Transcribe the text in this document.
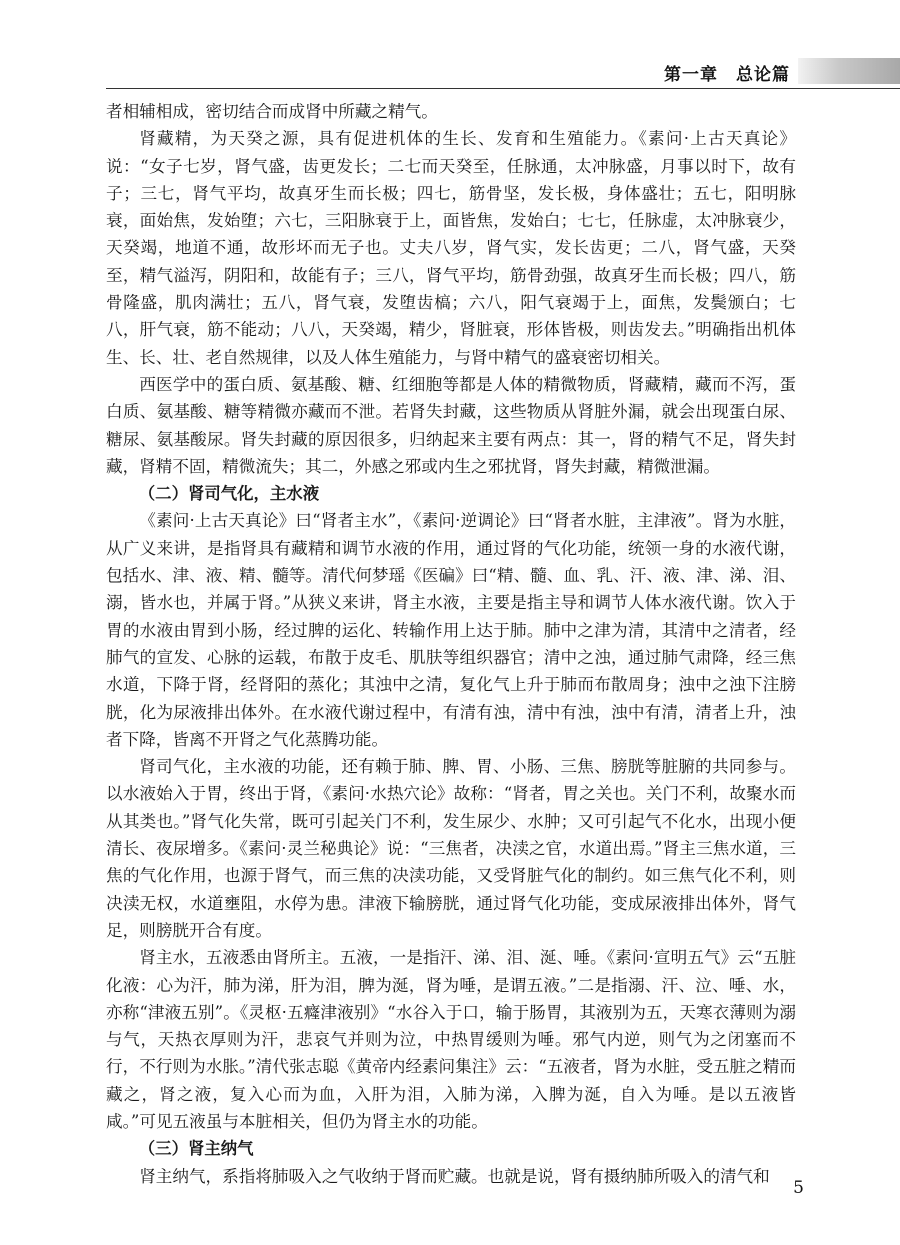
第一章　总论篇

者相辅相成，密切结合而成肾中所藏之精气。

肾藏精，为天癸之源，具有促进机体的生长、发育和生殖能力。《素问·上古天真论》说：“女子七岁，肾气盛，齿更发长；二七而天癸至，任脉通，太冲脉盛，月事以时下，故有子；三七，肾气平均，故真牙生而长极；四七，筋骨坚，发长极，身体盛壮；五七，阳明脉衰，面始焦，发始堕；六七，三阳脉衰于上，面皆焦，发始白；七七，任脉虚，太冲脉衰少，天癸竭，地道不通，故形坏而无子也。丈夫八岁，肾气实，发长齿更；二八，肾气盛，天癸至，精气溢泻，阴阳和，故能有子；三八，肾气平均，筋骨劲强，故真牙生而长极；四八，筋骨隆盛，肌肉满壮；五八，肾气衰，发堕齿槁；六八，阳气衰竭于上，面焦，发鬓颁白；七八，肝气衰，筋不能动；八八，天癸竭，精少，肾脏衰，形体皆极，则齿发去。”明确指出机体生、长、壮、老自然规律，以及人体生殖能力，与肾中精气的盛衰密切相关。

西医学中的蛋白质、氨基酸、糖、红细胞等都是人体的精微物质，肾藏精，藏而不泻，蛋白质、氨基酸、糖等精微亦藏而不泄。若肾失封藏，这些物质从肾脏外漏，就会出现蛋白尿、糖尿、氨基酸尿。肾失封藏的原因很多，归纳起来主要有两点：其一，肾的精气不足，肾失封藏，肾精不固，精微流失；其二，外感之邪或内生之邪扰肾，肾失封藏，精微泄漏。

（二）肾司气化，主水液

《素问·上古天真论》曰“肾者主水”，《素问·逆调论》曰“肾者水脏，主津液”。肾为水脏，从广义来讲，是指肾具有藏精和调节水液的作用，通过肾的气化功能，统领一身的水液代谢，包括水、津、液、精、髓等。清代何梦瑶《医碥》曰“精、髓、血、乳、汗、液、津、涕、泪、溺，皆水也，并属于肾。”从狭义来讲，肾主水液，主要是指主导和调节人体水液代谢。饮入于胃的水液由胃到小肠，经过脾的运化、转输作用上达于肺。肺中之津为清，其清中之清者，经肺气的宣发、心脉的运载，布散于皮毛、肌肤等组织器官；清中之浊，通过肺气肃降，经三焦水道，下降于肾，经肾阳的蒸化；其浊中之清，复化气上升于肺而布散周身；浊中之浊下注膀胱，化为尿液排出体外。在水液代谢过程中，有清有浊，清中有浊，浊中有清，清者上升，浊者下降，皆离不开肾之气化蒸腾功能。

肾司气化，主水液的功能，还有赖于肺、脾、胃、小肠、三焦、膀胱等脏腑的共同参与。以水液始入于胃，终出于肾，《素问·水热穴论》故称：“肾者，胃之关也。关门不利，故聚水而从其类也。”肾气化失常，既可引起关门不利，发生尿少、水肿；又可引起气不化水，出现小便清长、夜尿增多。《素问·灵兰秘典论》说：“三焦者，决渎之官，水道出焉。”肾主三焦水道，三焦的气化作用，也源于肾气，而三焦的决渎功能，又受肾脏气化的制约。如三焦气化不利，则决渎无权，水道壅阻，水停为患。津液下输膀胱，通过肾气化功能，变成尿液排出体外，肾气足，则膀胱开合有度。

肾主水，五液悉由肾所主。五液，一是指汗、涕、泪、涎、唾。《素问·宣明五气》云“五脏化液：心为汗，肺为涕，肝为泪，脾为涎，肾为唾，是谓五液。”二是指溺、汗、泣、唾、水，亦称“津液五别”。《灵枢·五癃津液别》“水谷入于口，输于肠胃，其液别为五，天寒衣薄则为溺与气，天热衣厚则为汗，悲哀气并则为泣，中热胃缓则为唾。邪气内逆，则气为之闭塞而不行，不行则为水胀。”清代张志聪《黄帝内经素问集注》云：“五液者，肾为水脏，受五脏之精而藏之，肾之液，复入心而为血，入肝为泪，入肺为涕，入脾为涎，自入为唾。是以五液皆咸。”可见五液虽与本脏相关，但仍为肾主水的功能。

（三）肾主纳气

肾主纳气，系指将肺吸入之气收纳于肾而贮藏。也就是说，肾有摄纳肺所吸入的清气和

5
